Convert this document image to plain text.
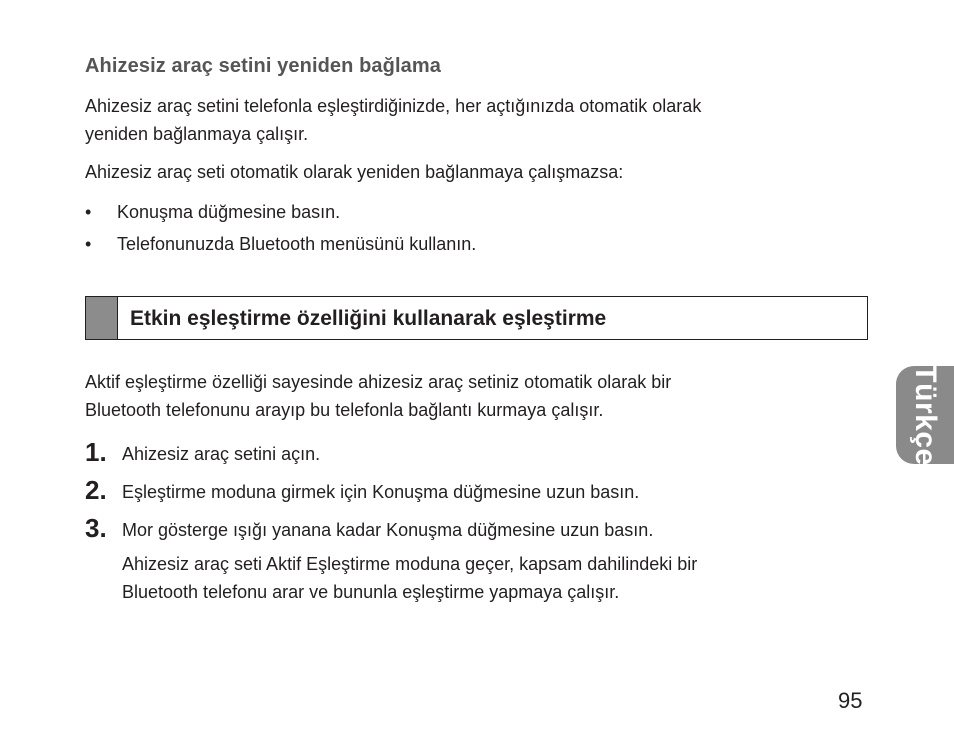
Ahizesiz araç setini yeniden bağlama
Ahizesiz araç setini telefonla eşleştirdiğinizde, her açtığınızda otomatik olarak
yeniden bağlanmaya çalışır.
Ahizesiz araç seti otomatik olarak yeniden bağlanmaya çalışmazsa:
• Konuşma düğmesine basın.
• Telefonunuzda Bluetooth menüsünü kullanın.
Etkin eşleştirme özelliğini kullanarak eşleştirme
Aktif eşleştirme özelliği sayesinde ahizesiz araç setiniz otomatik olarak bir
Bluetooth telefonunu arayıp bu telefonla bağlantı kurmaya çalışır.
1. Ahizesiz araç setini açın.
2. Eşleştirme moduna girmek için Konuşma düğmesine uzun basın.
3. Mor gösterge ışığı yanana kadar Konuşma düğmesine uzun basın.
Ahizesiz araç seti Aktif Eşleştirme moduna geçer, kapsam dahilindeki bir
Bluetooth telefonu arar ve bununla eşleştirme yapmaya çalışır.
Türkçe
95
